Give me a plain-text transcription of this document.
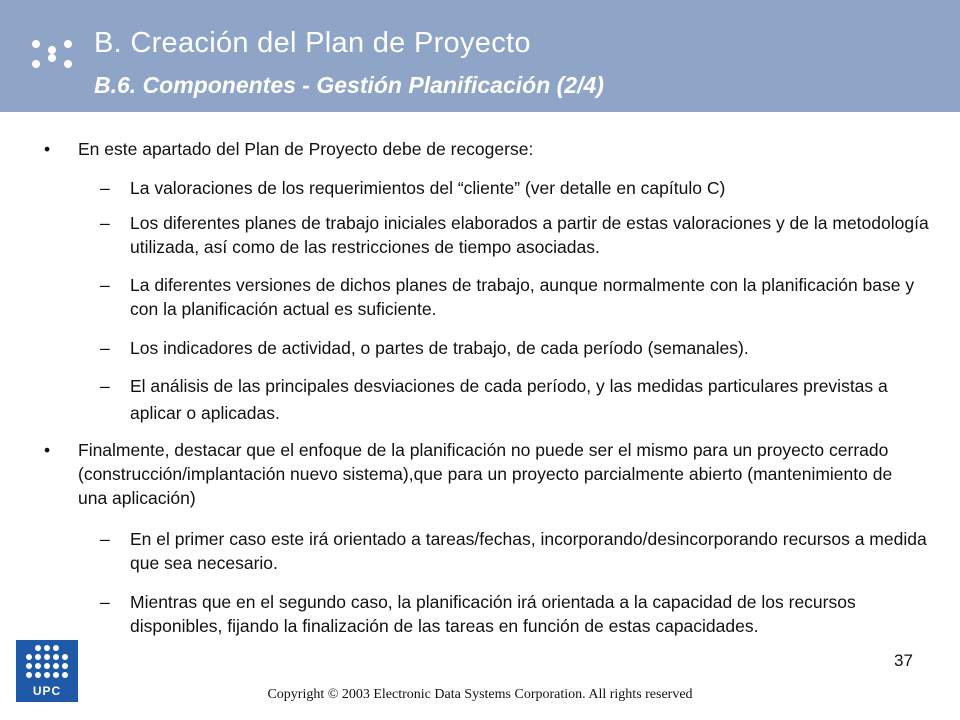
B. Creación del Plan de Proyecto
B.6. Componentes - Gestión Planificación (2/4)
• En este apartado del Plan de Proyecto debe de recogerse:
– La valoraciones de los requerimientos del “cliente” (ver detalle en capítulo C)
– Los diferentes planes de trabajo iniciales elaborados a partir de estas valoraciones y de la metodología utilizada, así como de las restricciones de tiempo asociadas.
– La diferentes versiones de dichos planes de trabajo, aunque normalmente con la planificación base y con la planificación actual es suficiente.
– Los indicadores de actividad, o partes de trabajo, de cada período (semanales).
– El análisis de las principales desviaciones de cada período, y las medidas particulares previstas a aplicar o aplicadas.
• Finalmente, destacar que el enfoque de la planificación no puede ser el mismo para un proyecto cerrado (construcción/implantación nuevo sistema),que para un proyecto parcialmente abierto (mantenimiento de una aplicación)
– En el primer caso este irá orientado a tareas/fechas, incorporando/desincorporando recursos a medida que sea necesario.
– Mientras que en el segundo caso, la planificación irá orientada a la capacidad de los recursos disponibles, fijando la finalización de las tareas en función de estas capacidades.
UPC
37
Copyright © 2003 Electronic Data Systems Corporation. All rights reserved
